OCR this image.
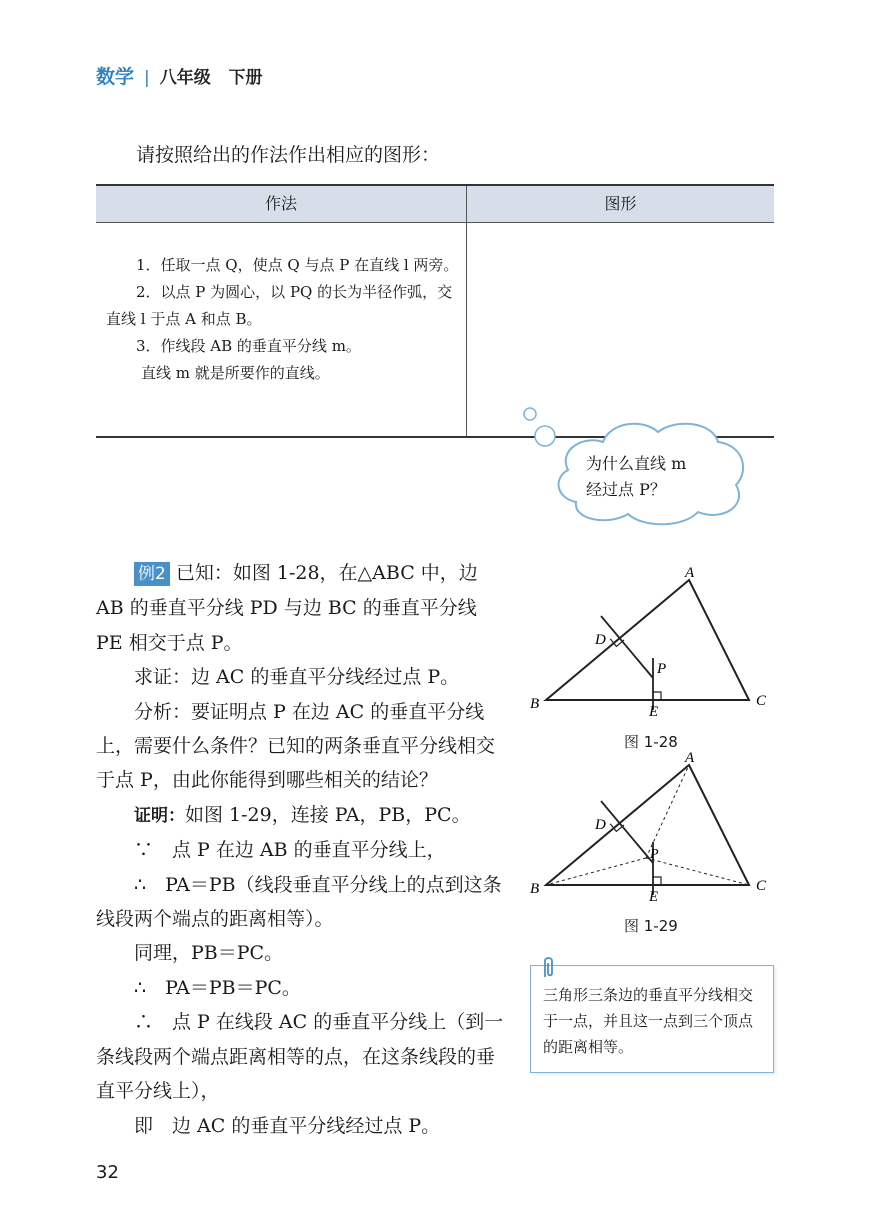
数学 | 八年级 下册
请按照给出的作法作出相应的图形：
作法	图形

1．任取一点 Q，使点 Q 与点 P 在直线 l 两旁。

2．以点 P 为圆心，以 PQ 的长为半径作弧，交直线 l 于点 A 和点 B。

3．作线段 AB 的垂直平分线 m。

直线 m 就是所要作的直线。

为什么直线 m
经过点 P？

例2 已知：如图 1-28，在△ABC 中，边 AB 的垂直平分线 PD 与边 BC 的垂直平分线 PE 相交于点 P。

求证：边 AC 的垂直平分线经过点 P。

分析：要证明点 P 在边 AC 的垂直平分线上，需要什么条件？已知的两条垂直平分线相交于点 P，由此你能得到哪些相关的结论？

证明：如图 1-29，连接 PA，PB，PC。

∵　点 P 在边 AB 的垂直平分线上，

∴　PA＝PB（线段垂直平分线上的点到这条线段两个端点的距离相等）。

同理，PB＝PC。

∴　PA＝PB＝PC。

∴　点 P 在线段 AC 的垂直平分线上（到一条线段两个端点距离相等的点，在这条线段的垂直平分线上），

即　边 AC 的垂直平分线经过点 P。

A
B	C
D
E
P
图 1-28
A
B	C
D
E
P
图 1-29
三角形三条边的垂直平分线相交于一点，并且这一点到三个顶点的距离相等。
32
